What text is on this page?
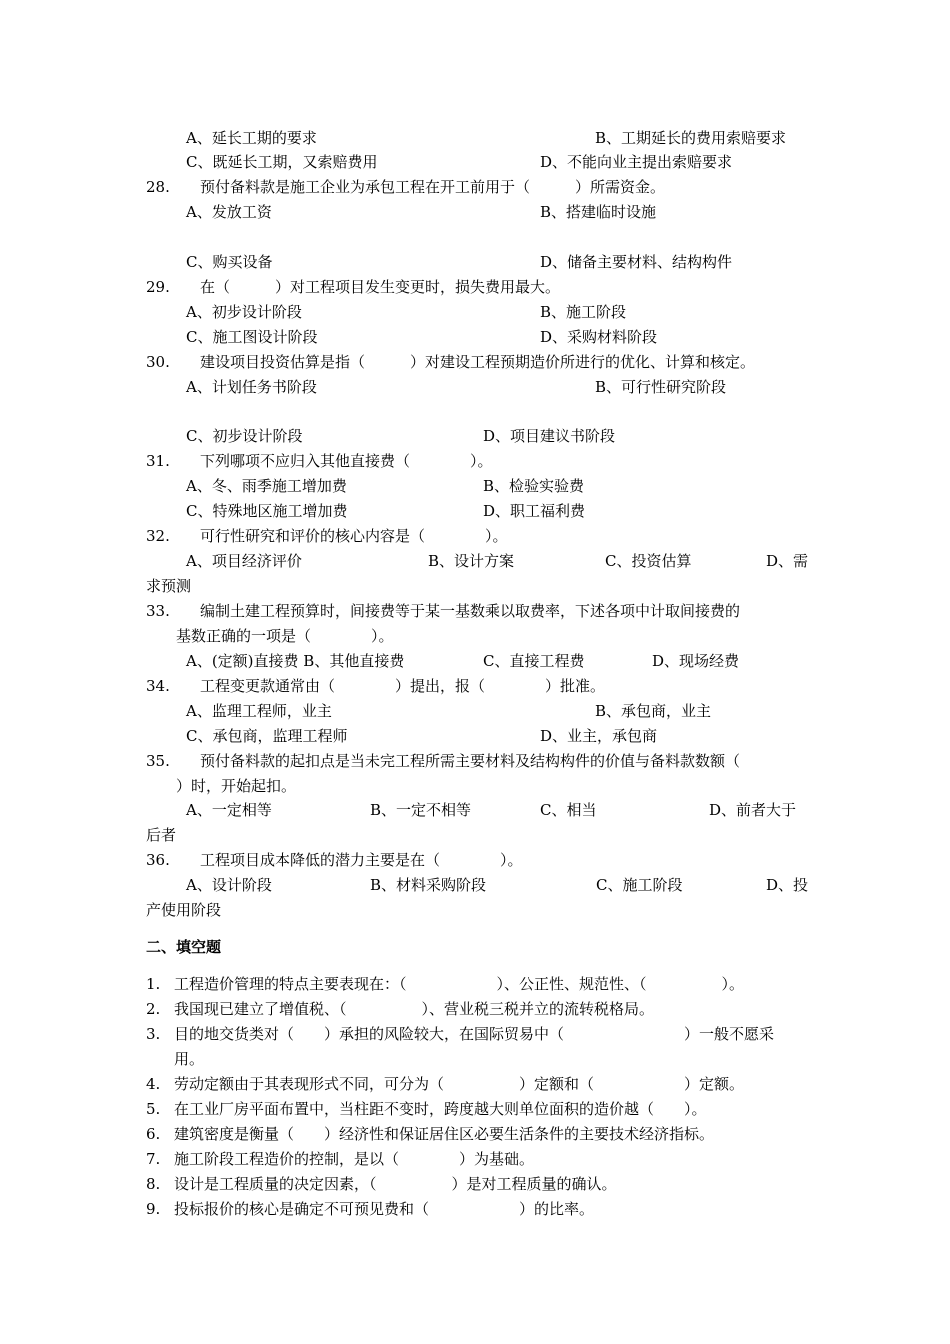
A、延长工期的要求	B、工期延长的费用索赔要求
C、既延长工期，又索赔费用	D、不能向业主提出索赔要求
28. 预付备料款是施工企业为承包工程在开工前用于（　　　）所需资金。
A、发放工资	B、搭建临时设施
C、购买设备	D、储备主要材料、结构构件
29. 在（　　　）对工程项目发生变更时，损失费用最大。
A、初步设计阶段	B、施工阶段
C、施工图设计阶段	D、采购材料阶段
30. 建设项目投资估算是指（　　　）对建设工程预期造价所进行的优化、计算和核定。
A、计划任务书阶段	B、可行性研究阶段
C、初步设计阶段	D、项目建议书阶段
31. 下列哪项不应归入其他直接费（　　　　）。
A、冬、雨季施工增加费	B、检验实验费
C、特殊地区施工增加费	D、职工福利费
32. 可行性研究和评价的核心内容是（　　　　）。
A、项目经济评价	B、设计方案	C、投资估算	D、需
求预测
33. 编制土建工程预算时，间接费等于某一基数乘以取费率，下述各项中计取间接费的
基数正确的一项是（　　　　）。
A、(定额)直接费 B、其他直接费	C、直接工程费	D、现场经费
34. 工程变更款通常由（　　　　）提出，报（　　　　）批准。
A、监理工程师，业主	B、承包商，业主
C、承包商，监理工程师	D、业主，承包商
35. 预付备料款的起扣点是当未完工程所需主要材料及结构构件的价值与备料款数额（
）时，开始起扣。
A、一定相等	B、一定不相等	C、相当	D、前者大于
后者
36. 工程项目成本降低的潜力主要是在（　　　　）。
A、设计阶段	B、材料采购阶段	C、施工阶段	D、投
产使用阶段
二、填空题
1. 工程造价管理的特点主要表现在：（　　　　　　）、公正性、规范性、（　　　　　）。
2. 我国现已建立了增值税、（　　　　　）、营业税三税并立的流转税格局。
3. 目的地交货类对（　　）承担的风险较大，在国际贸易中（　　　　　　　　）一般不愿采
用。
4. 劳动定额由于其表现形式不同，可分为（　　　　　）定额和（　　　　　　）定额。
5. 在工业厂房平面布置中，当柱距不变时，跨度越大则单位面积的造价越（　　）。
6. 建筑密度是衡量（　　）经济性和保证居住区必要生活条件的主要技术经济指标。
7. 施工阶段工程造价的控制，是以（　　　　）为基础。
8. 设计是工程质量的决定因素，（　　　　　）是对工程质量的确认。
9. 投标报价的核心是确定不可预见费和（　　　　　　）的比率。
